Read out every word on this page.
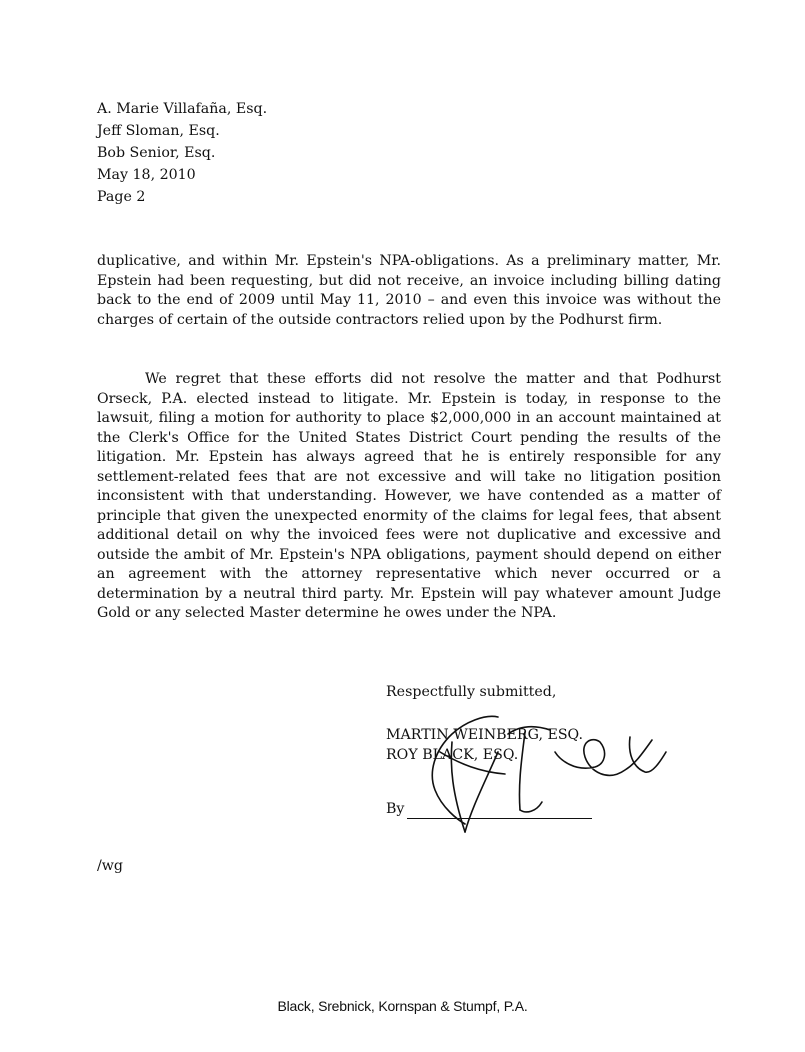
A. Marie Villafaña, Esq.
Jeff Sloman, Esq.
Bob Senior, Esq.
May 18, 2010
Page 2
duplicative, and within Mr. Epstein's NPA-obligations. As a preliminary matter, Mr. Epstein had been requesting, but did not receive, an invoice including billing dating back to the end of 2009 until May 11, 2010 – and even this invoice was without the charges of certain of the outside contractors relied upon by the Podhurst firm.
We regret that these efforts did not resolve the matter and that Podhurst Orseck, P.A. elected instead to litigate. Mr. Epstein is today, in response to the lawsuit, filing a motion for authority to place $2,000,000 in an account maintained at the Clerk's Office for the United States District Court pending the results of the litigation. Mr. Epstein has always agreed that he is entirely responsible for any settlement-related fees that are not excessive and will take no litigation position inconsistent with that understanding. However, we have contended as a matter of principle that given the unexpected enormity of the claims for legal fees, that absent additional detail on why the invoiced fees were not duplicative and excessive and outside the ambit of Mr. Epstein's NPA obligations, payment should depend on either an agreement with the attorney representative which never occurred or a determination by a neutral third party. Mr. Epstein will pay whatever amount Judge Gold or any selected Master determine he owes under the NPA.
Respectfully submitted,
MARTIN WEINBERG, ESQ.
ROY BLACK, ESQ.
By
/wg
Black, Srebnick, Kornspan & Stumpf, P.A.
